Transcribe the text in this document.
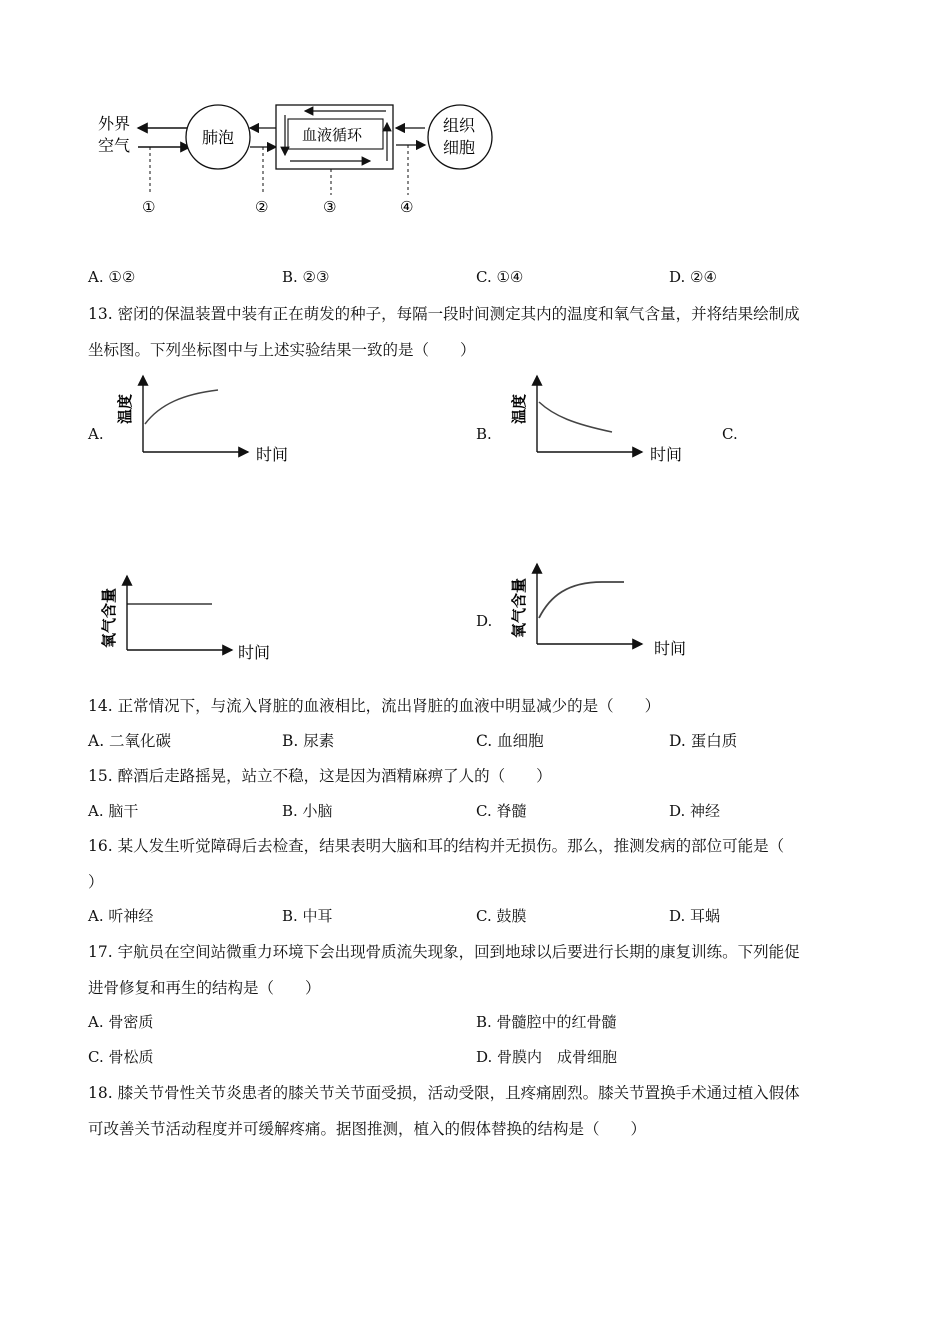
外界
空气	肺泡	血液循环	组织
细胞
①	②	③	④
A. ①②	B. ②③	C. ①④	D. ②④
13. 密闭的保温装置中装有正在萌发的种子，每隔一段时间测定其内的温度和氧气含量，并将结果绘制成
坐标图。下列坐标图中与上述实验结果一致的是（　　）
A.
温度
时间
B.
温度
时间
C.
氧气含量
时间
D. 氧气含量
时间
14. 正常情况下，与流入肾脏的血液相比，流出肾脏的血液中明显减少的是（　　）
A. 二氧化碳	B. 尿素	C. 血细胞	D. 蛋白质
15. 醉酒后走路摇晃，站立不稳，这是因为酒精麻痹了人的（　　）
A. 脑干	B. 小脑	C. 脊髓	D. 神经
16. 某人发生听觉障碍后去检查，结果表明大脑和耳的结构并无损伤。那么，推测发病的部位可能是（
）
A. 听神经	B. 中耳	C. 鼓膜	D. 耳蜗
17. 宇航员在空间站微重力环境下会出现骨质流失现象，回到地球以后要进行长期的康复训练。下列能促
进骨修复和再生的结构是（　　）
A. 骨密质	B. 骨髓腔中的红骨髓
C. 骨松质	D. 骨膜内　成骨细胞
18. 膝关节骨性关节炎患者的膝关节关节面受损，活动受限，且疼痛剧烈。膝关节置换手术通过植入假体
可改善关节活动程度并可缓解疼痛。据图推测，植入的假体替换的结构是（　　）
